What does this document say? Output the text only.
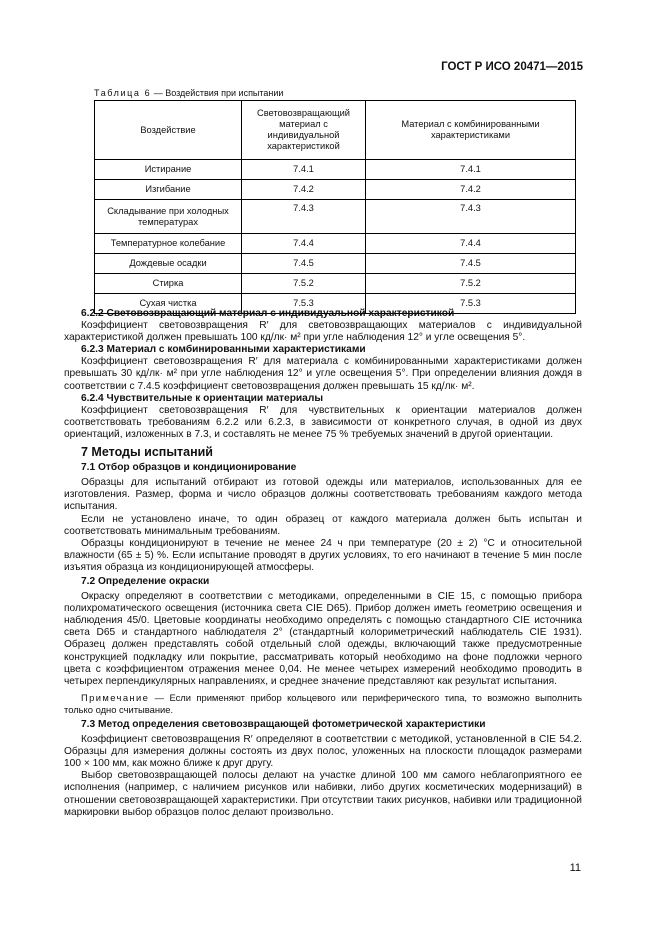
ГОСТ Р ИСО 20471—2015
Таблица 6 — Воздействия при испытании
Воздействие	Световозвращающий материал с индивидуальной характеристикой	Материал с комбинированными характеристиками
Истирание	7.4.1	7.4.1
Изгибание	7.4.2	7.4.2
Складывание при холодных температурах	7.4.3	7.4.3
Температурное колебание	7.4.4	7.4.4
Дождевые осадки	7.4.5	7.4.5
Стирка	7.5.2	7.5.2
Сухая чистка	7.5.3	7.5.3

6.2.2 Световозвращающий материал с индивидуальной характеристикой

Коэффициент световозвращения R′ для световозвращающих материалов с индивидуальной характеристикой должен превышать 100 кд/лк· м² при угле наблюдения 12° и угле освещения 5°.

6.2.3 Материал с комбинированными характеристиками

Коэффициент световозвращения R′ для материала с комбинированными характеристиками должен превышать 30 кд/лк· м² при угле наблюдения 12° и угле освещения 5°. При определении влияния дождя в соответствии с 7.4.5 коэффициент световозвращения должен превышать 15 кд/лк· м².

6.2.4 Чувствительные к ориентации материалы

Коэффициент световозвращения R′ для чувствительных к ориентации материалов должен соответствовать требованиям 6.2.2 или 6.2.3, в зависимости от конкретного случая, в одной из двух ориентаций, изложенных в 7.3, и составлять не менее 75 % требуемых значений в другой ориентации.

7 Методы испытаний

7.1 Отбор образцов и кондиционирование

Образцы для испытаний отбирают из готовой одежды или материалов, использованных для ее изготовления. Размер, форма и число образцов должны соответствовать требованиям каждого метода испытания.

Если не установлено иначе, то один образец от каждого материала должен быть испытан и соответствовать минимальным требованиям.

Образцы кондиционируют в течение не менее 24 ч при температуре (20 ± 2) °С и относительной влажности (65 ± 5) %. Если испытание проводят в других условиях, то его начинают в течение 5 мин после изъятия образца из кондиционирующей атмосферы.

7.2 Определение окраски

Окраску определяют в соответствии с методиками, определенными в CIE 15, с помощью прибора полихроматического освещения (источника света CIE D65). Прибор должен иметь геометрию освещения и наблюдения 45/0. Цветовые координаты необходимо определять с помощью стандартного CIE источника света D65 и стандартного наблюдателя 2° (стандартный колориметрический наблюдатель CIE 1931). Образец должен представлять собой отдельный слой одежды, включающий также предусмотренные конструкцией подкладку или покрытие, рассматривать который необходимо на фоне подложки черного цвета с коэффициентом отражения менее 0,04. Не менее четырех измерений необходимо проводить в четырех перпендикулярных направлениях, и среднее значение представляют как результат испытания.

Примечание — Если применяют прибор кольцевого или периферического типа, то возможно выполнить только одно считывание.

7.3 Метод определения световозвращающей фотометрической характеристики

Коэффициент световозвращения R′ определяют в соответствии с методикой, установленной в CIE 54.2. Образцы для измерения должны состоять из двух полос, уложенных на плоскости площадок размерами 100 × 100 мм, как можно ближе к друг другу.

Выбор световозвращающей полосы делают на участке длиной 100 мм самого неблагоприятного ее исполнения (например, с наличием рисунков или набивки, либо других косметических модернизаций) в отношении световозвращающей характеристики. При отсутствии таких рисунков, набивки или традиционной маркировки выбор образцов полос делают произвольно.

11
